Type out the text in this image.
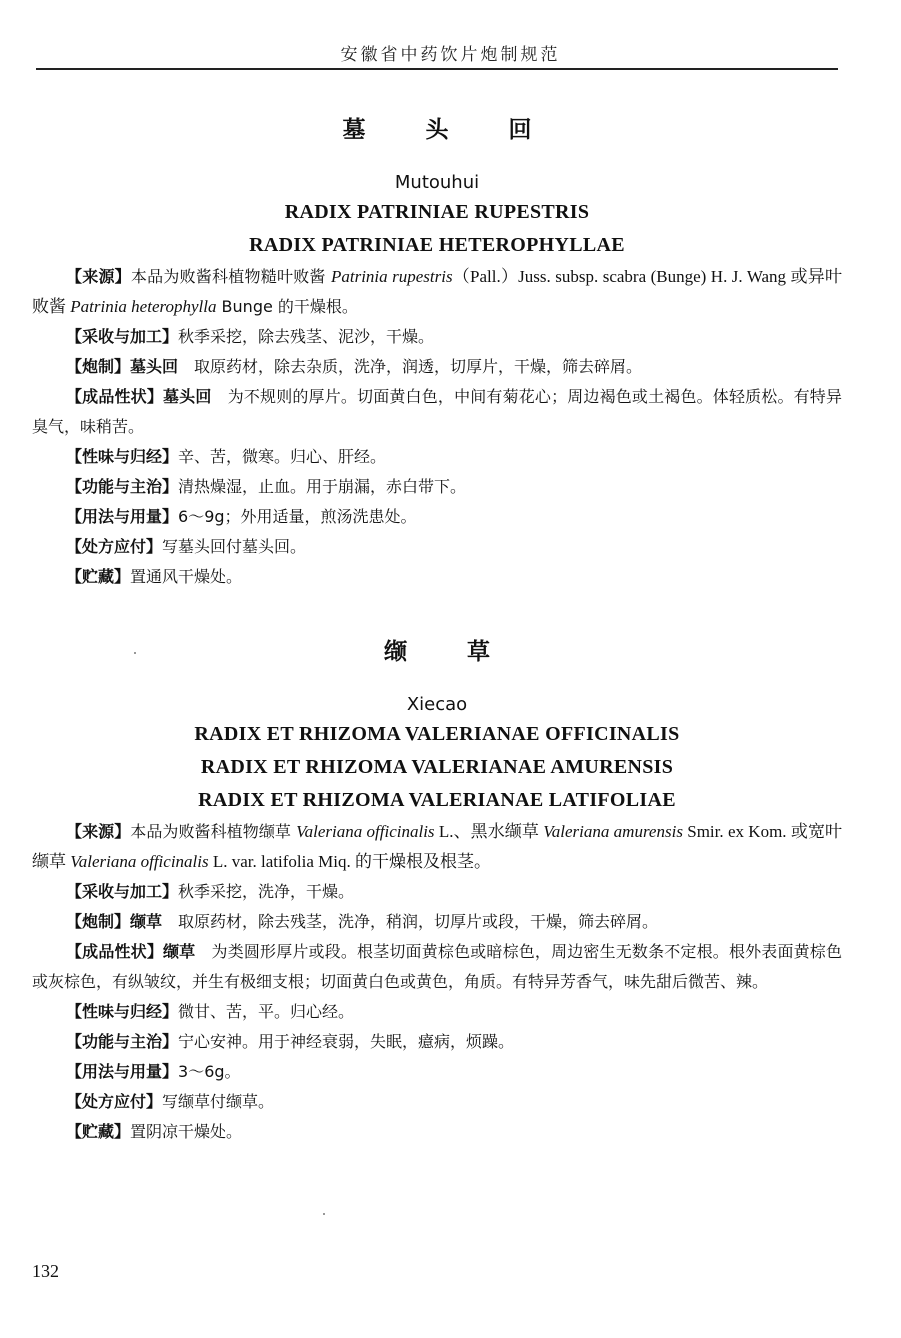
安徽省中药饮片炮制规范
墓 头 回
Mutouhui
RADIX PATRINIAE RUPESTRIS
RADIX PATRINIAE HETEROPHYLLAE
【来源】本品为败酱科植物糙叶败酱 Patrinia rupestris（Pall.）Juss. subsp. scabra (Bunge) H. J. Wang 或异叶败酱 Patrinia heterophylla Bunge 的干燥根。
【采收与加工】秋季采挖，除去残茎、泥沙，干燥。
【炮制】墓头回　取原药材，除去杂质，洗净，润透，切厚片，干燥，筛去碎屑。
【成品性状】墓头回　为不规则的厚片。切面黄白色，中间有菊花心；周边褐色或土褐色。体轻质松。有特异臭气，味稍苦。
【性味与归经】辛、苦，微寒。归心、肝经。
【功能与主治】清热燥湿，止血。用于崩漏，赤白带下。
【用法与用量】6～9g；外用适量，煎汤洗患处。
【处方应付】写墓头回付墓头回。
【贮藏】置通风干燥处。
缬 草
Xiecao
RADIX ET RHIZOMA VALERIANAE OFFICINALIS
RADIX ET RHIZOMA VALERIANAE AMURENSIS
RADIX ET RHIZOMA VALERIANAE LATIFOLIAE
【来源】本品为败酱科植物缬草 Valeriana officinalis L.、黑水缬草 Valeriana amurensis Smir. ex Kom. 或宽叶缬草 Valeriana officinalis L. var. latifolia Miq. 的干燥根及根茎。
【采收与加工】秋季采挖，洗净，干燥。
【炮制】缬草　取原药材，除去残茎，洗净，稍润，切厚片或段，干燥，筛去碎屑。
【成品性状】缬草　为类圆形厚片或段。根茎切面黄棕色或暗棕色，周边密生无数条不定根。根外表面黄棕色或灰棕色，有纵皱纹，并生有极细支根；切面黄白色或黄色，角质。有特异芳香气，味先甜后微苦、辣。
【性味与归经】微甘、苦，平。归心经。
【功能与主治】宁心安神。用于神经衰弱，失眠，癔病，烦躁。
【用法与用量】3～6g。
【处方应付】写缬草付缬草。
【贮藏】置阴凉干燥处。
132
